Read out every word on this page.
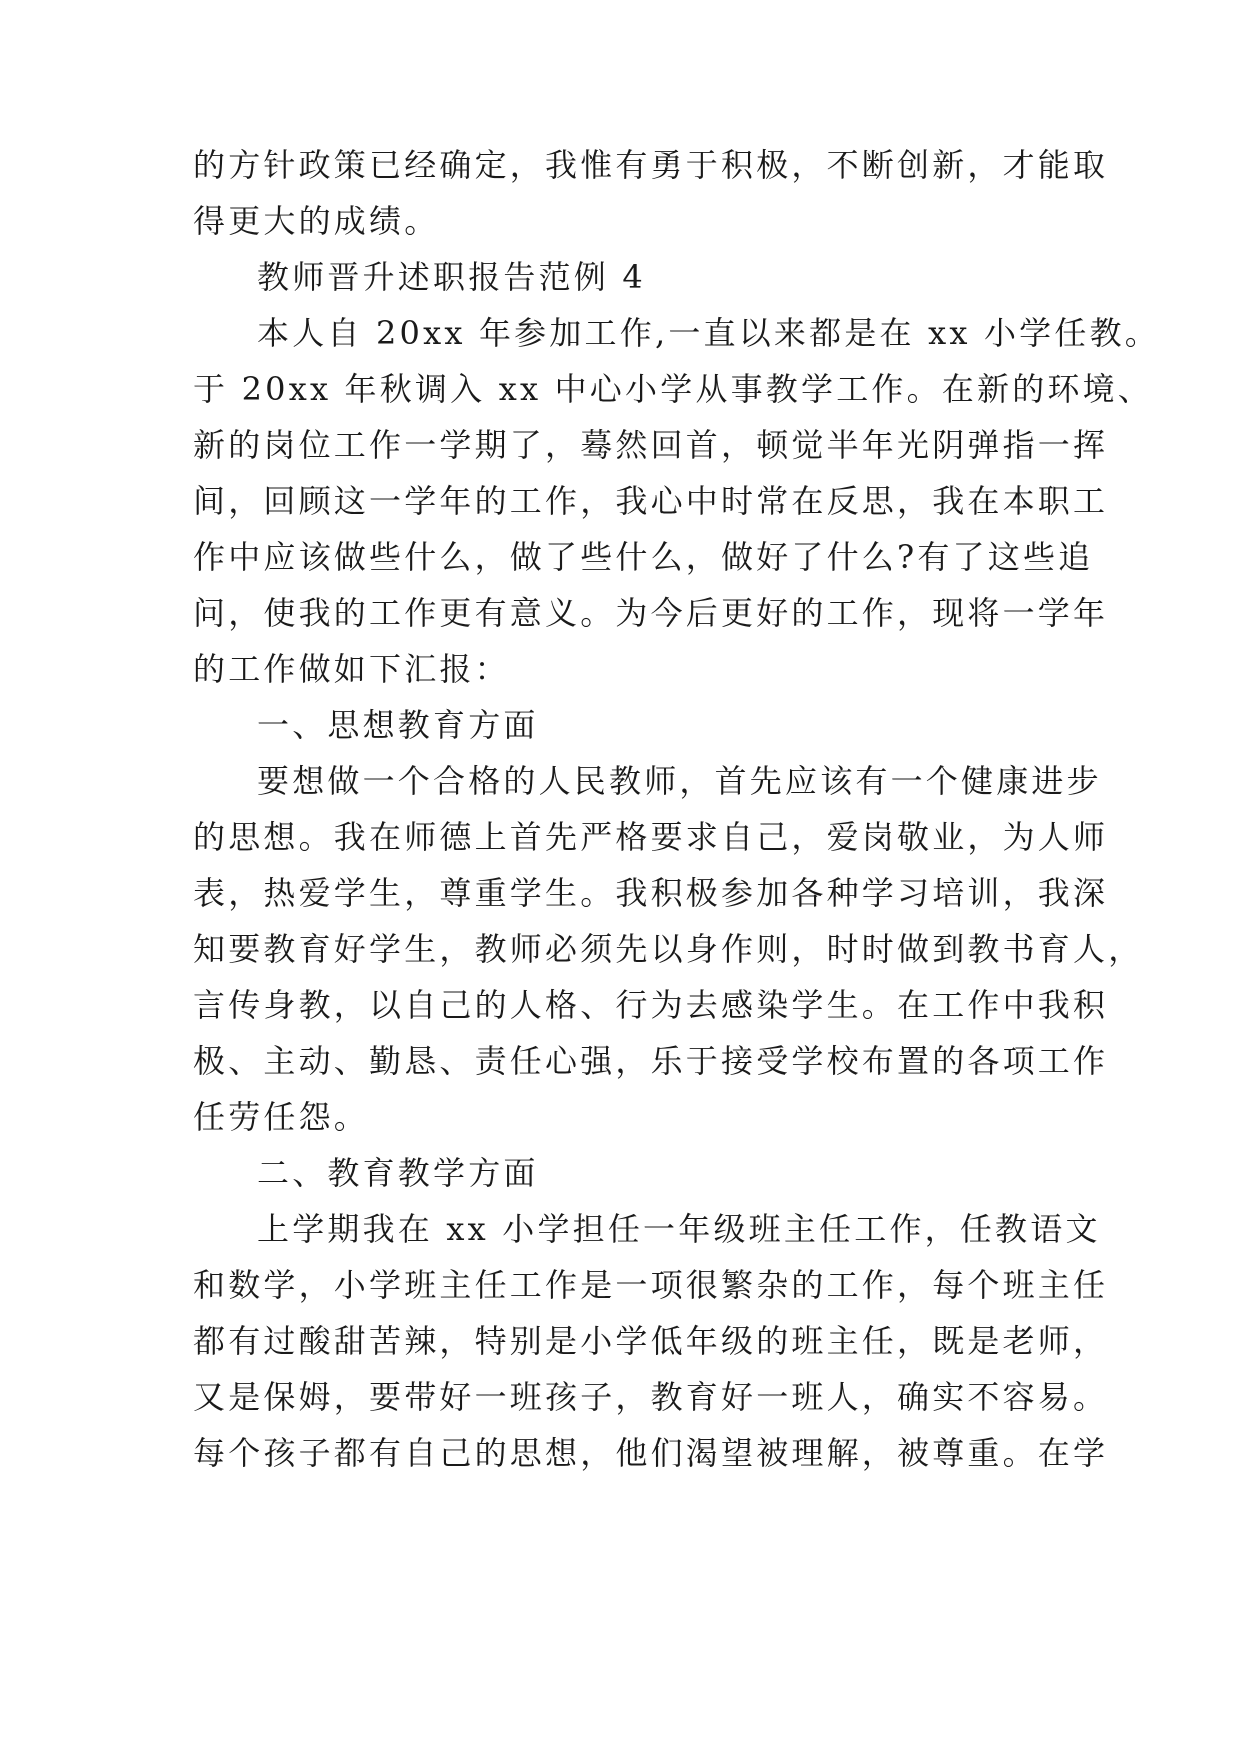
的方针政策已经确定，我惟有勇于积极，不断创新，才能取
得更大的成绩。
教师晋升述职报告范例 4
本人自 20xx 年参加工作,一直以来都是在 xx 小学任教。
于 20xx 年秋调入 xx 中心小学从事教学工作。在新的环境、
新的岗位工作一学期了，蓦然回首，顿觉半年光阴弹指一挥
间，回顾这一学年的工作，我心中时常在反思，我在本职工
作中应该做些什么，做了些什么，做好了什么?有了这些追
问，使我的工作更有意义。为今后更好的工作，现将一学年
的工作做如下汇报：
一、思想教育方面
要想做一个合格的人民教师，首先应该有一个健康进步
的思想。我在师德上首先严格要求自己，爱岗敬业，为人师
表，热爱学生，尊重学生。我积极参加各种学习培训，我深
知要教育好学生，教师必须先以身作则，时时做到教书育人，
言传身教，以自己的人格、行为去感染学生。在工作中我积
极、主动、勤恳、责任心强，乐于接受学校布置的各项工作
任劳任怨。
二、教育教学方面
上学期我在 xx 小学担任一年级班主任工作，任教语文
和数学，小学班主任工作是一项很繁杂的工作，每个班主任
都有过酸甜苦辣，特别是小学低年级的班主任，既是老师，
又是保姆，要带好一班孩子，教育好一班人，确实不容易。
每个孩子都有自己的思想，他们渴望被理解，被尊重。在学
